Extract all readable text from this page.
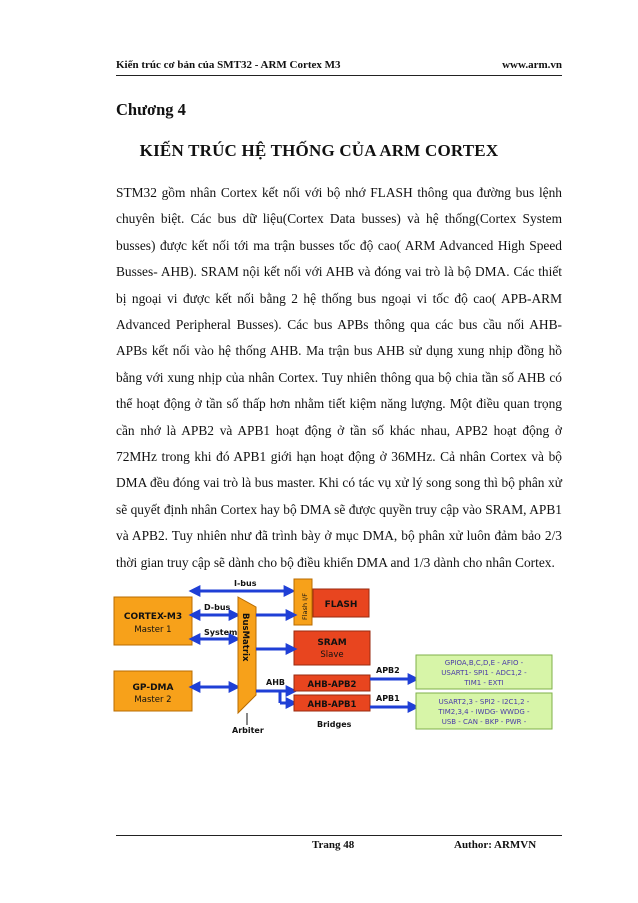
Kiến trúc cơ bản của SMT32 - ARM Cortex M3	www.arm.vn
Chương 4
KIẾN TRÚC HỆ THỐNG CỦA ARM CORTEX

STM32 gồm nhân Cortex kết nối với bộ nhớ FLASH thông qua đường bus lệnh chuyên biệt. Các bus dữ liệu(Cortex Data busses) và hệ thống(Cortex System busses) được kết nối tới ma trận busses tốc độ cao( ARM Advanced High Speed Busses- AHB). SRAM nội kết nối với AHB và đóng vai trò là bộ DMA. Các thiết bị ngoại vi được kết nối bằng 2 hệ thống bus ngoại vi tốc độ cao( APB-ARM Advanced Peripheral Busses). Các bus APBs thông qua các bus cầu nối AHB-APBs kết nối vào hệ thống AHB. Ma trận bus AHB sử dụng xung nhịp đồng hồ bằng với xung nhịp của nhân Cortex. Tuy nhiên thông qua bộ chia tần số AHB có thể hoạt động ở tần số thấp hơn nhằm tiết kiệm năng lượng. Một điều quan trọng cần nhớ là APB2 và APB1 hoạt động ở tần số khác nhau, APB2 hoạt động ở 72MHz trong khi đó APB1 giới hạn hoạt động ở 36MHz. Cả nhân Cortex và bộ DMA đều đóng vai trò là bus master. Khi có tác vụ xử lý song song thì bộ phân xử sẽ quyết định nhân Cortex hay bộ DMA sẽ được quyền truy cập vào SRAM, APB1 và APB2. Tuy nhiên như đã trình bày ở mục DMA, bộ phân xử luôn đảm bảo 2/3 thời gian truy cập sẽ dành cho bộ điều khiển DMA and 1/3 dành cho nhân Cortex.

CORTEX-M3
Master 1
GP-DMA
Master 2
I-bus
D-bus
System BusMatrix
Arbiter
Flash I/F FLASH
SRAM
Slave
AHB	AHB-APB2
AHB-APB1
Bridges
APB2
APB1
GPIOA,B,C,D,E - AFIO -
USART1- SPI1 - ADC1,2 -
TIM1 - EXTI
USART2,3 - SPI2 - I2C1,2 -
TIM2,3,4 - IWDG- WWDG -
USB - CAN - BKP - PWR -
Trang 48	Author: ARMVN
